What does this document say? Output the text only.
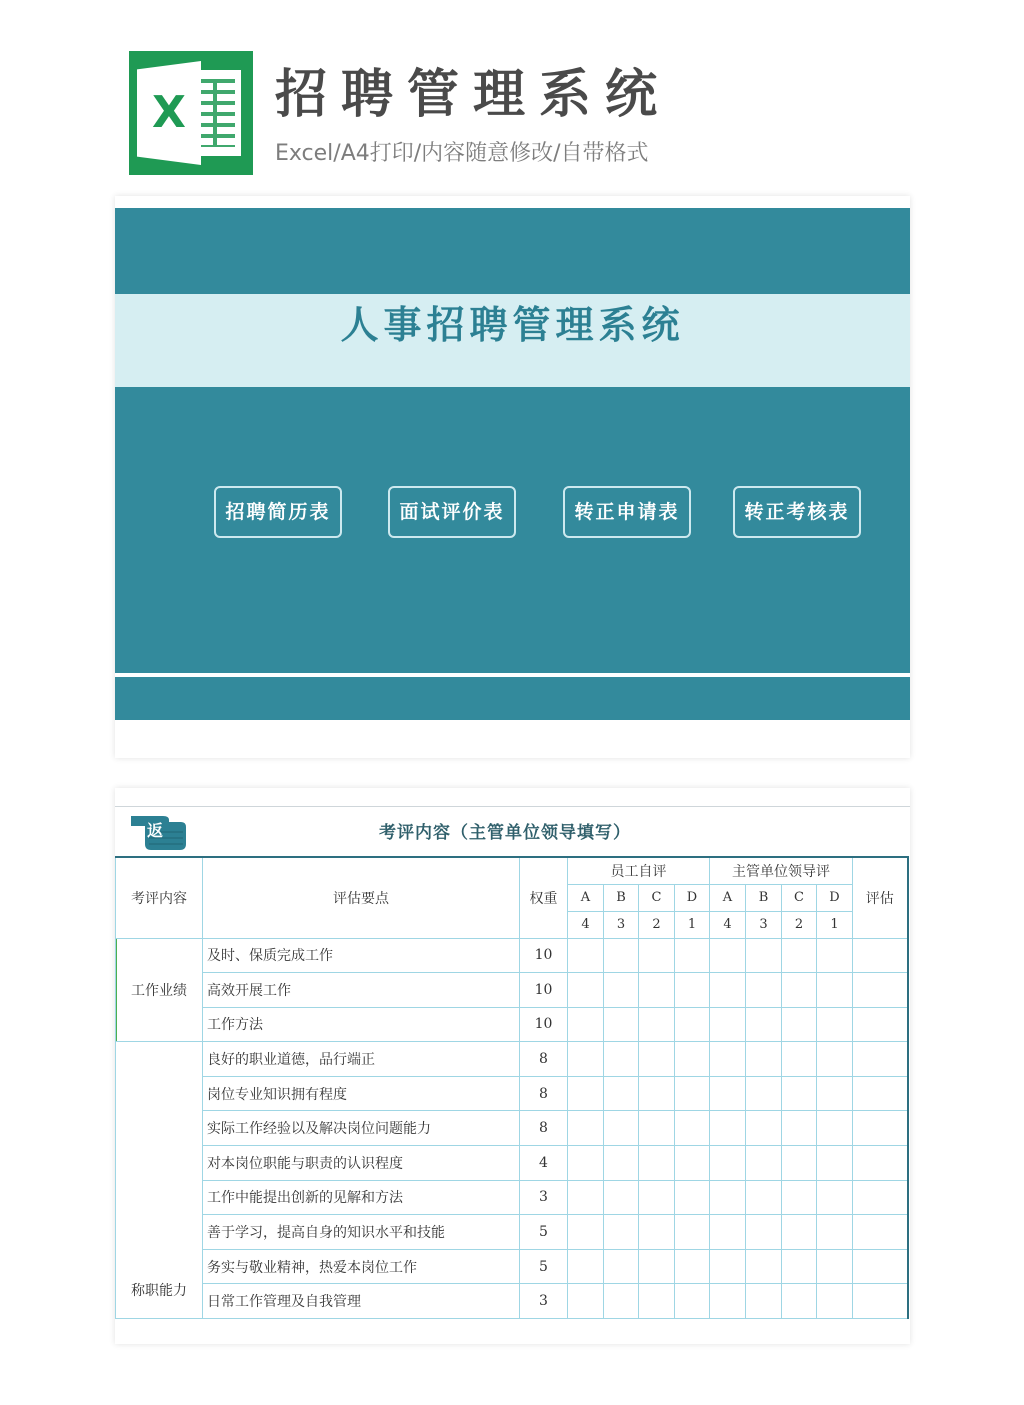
X 招聘管理系统
Excel/A4打印/内容随意修改/自带格式
人事招聘管理系统
招聘简历表	面试评价表	转正申请表	转正考核表
返	考评内容（主管单位领导填写）
考评内容	评估要点	权重	员工自评				主管单位领导评				评估
			A	B	C	D	A	B	C	D	
			4	3	2	1	4	3	2	1	
工作业绩	及时、保质完成工作	10									
	高效开展工作	10									
	工作方法	10									
称职能力	良好的职业道德，品行端正	8									
	岗位专业知识拥有程度	8									
	实际工作经验以及解决岗位问题能力	8									
	对本岗位职能与职责的认识程度	4									
	工作中能提出创新的见解和方法	3									
	善于学习，提高自身的知识水平和技能	5									
	务实与敬业精神，热爱本岗位工作	5									
	日常工作管理及自我管理	3									
